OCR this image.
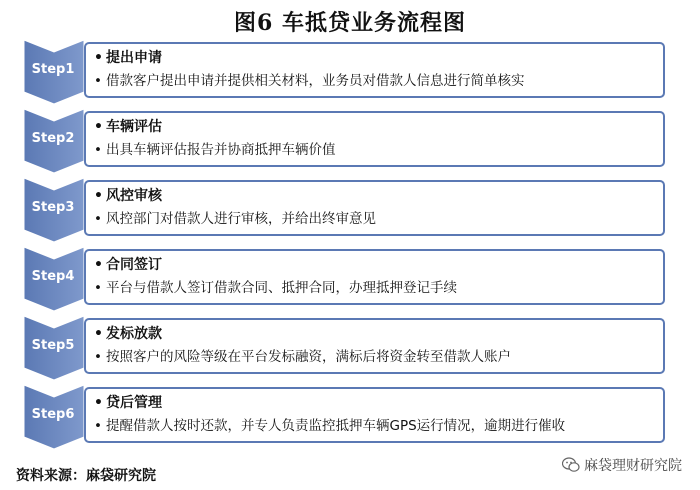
图6 车抵贷业务流程图
Step1
• 提出申请
• 借款客户提出申请并提供相关材料，业务员对借款人信息进行简单核实
Step2
• 车辆评估
• 出具车辆评估报告并协商抵押车辆价值
Step3
• 风控审核
• 风控部门对借款人进行审核，并给出终审意见
Step4
• 合同签订
• 平台与借款人签订借款合同、抵押合同，办理抵押登记手续
Step5
• 发标放款
• 按照客户的风险等级在平台发标融资，满标后将资金转至借款人账户
Step6
• 贷后管理
• 提醒借款人按时还款，并专人负责监控抵押车辆GPS运行情况，逾期进行催收
资料来源：麻袋研究院
麻袋理财研究院
